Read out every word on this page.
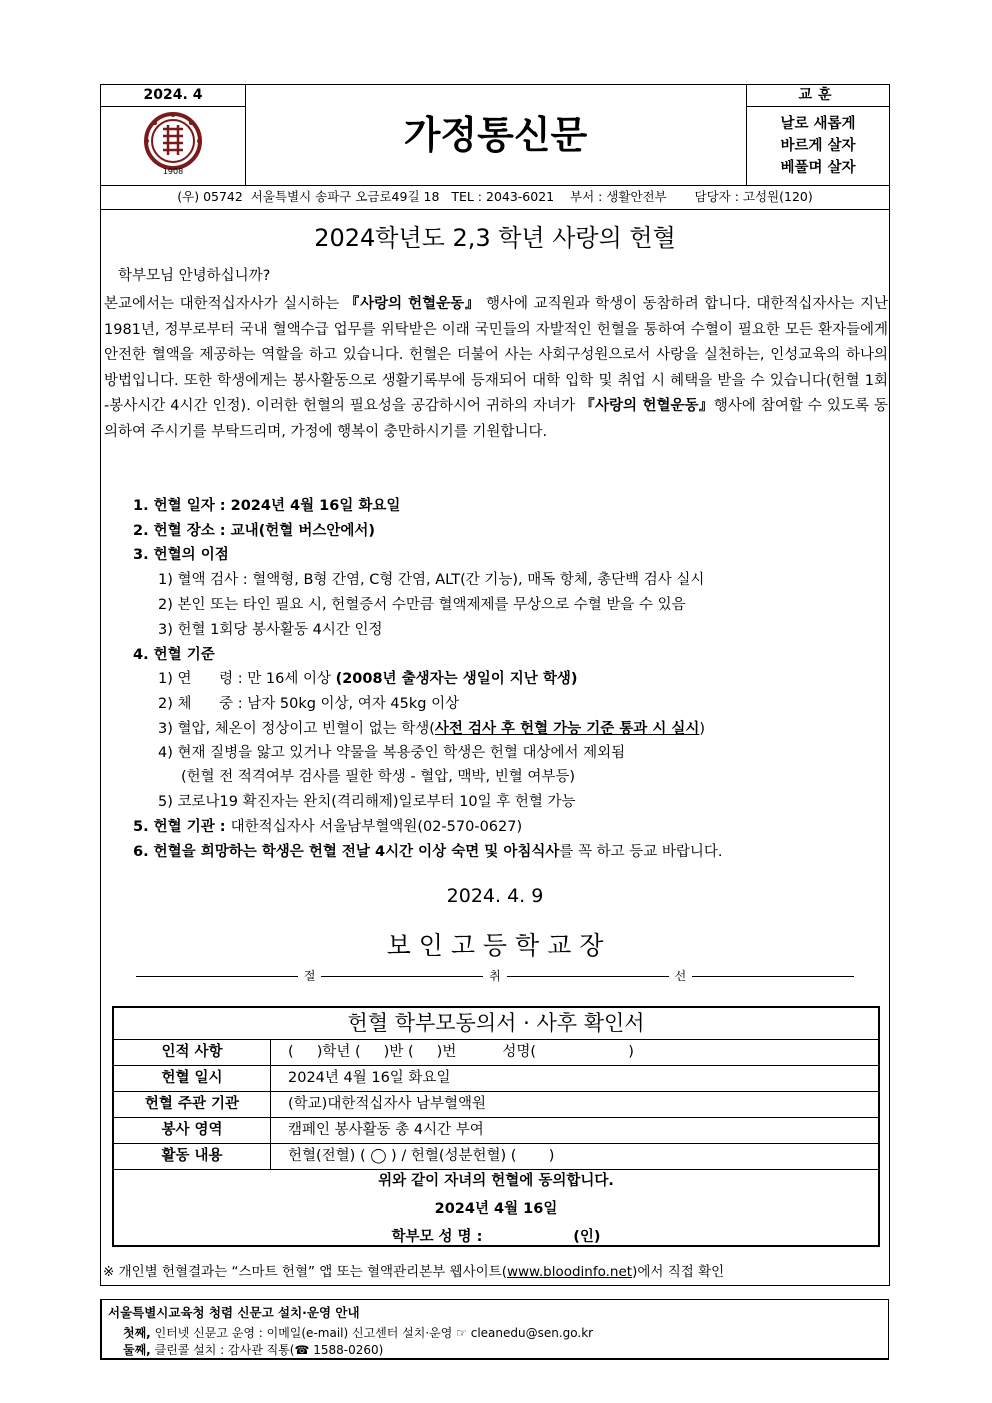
2024. 4
1908
가정통신문
교훈
날로 새롭게
바르게 살자
베풀며 살자
(우) 05742  서울특별시 송파구 오금로49길 18   TEL : 2043-6021    부서 : 생활안전부       담당자 : 고성원(120)
2024학년도 2,3 학년 사랑의 헌혈
학부모님 안녕하십니까?
본교에서는 대한적십자사가 실시하는 『사랑의 헌혈운동』 행사에 교직원과 학생이 동참하려 합니다. 대한적십자사는 지난 1981년, 정부로부터 국내 혈액수급 업무를 위탁받은 이래 국민들의 자발적인 헌혈을 통하여 수혈이 필요한 모든 환자들에게 안전한 혈액을 제공하는 역할을 하고 있습니다. 헌혈은 더불어 사는 사회구성원으로서 사랑을 실천하는, 인성교육의 하나의 방법입니다. 또한 학생에게는 봉사활동으로 생활기록부에 등재되어 대학 입학 및 취업 시 혜택을 받을 수 있습니다(헌혈 1회 -봉사시간 4시간 인정). 이러한 헌혈의 필요성을 공감하시어 귀하의 자녀가 『사랑의 헌혈운동』행사에 참여할 수 있도록 동의하여 주시기를 부탁드리며, 가정에 행복이 충만하시기를 기원합니다.
1. 헌혈 일자 : 2024년 4월 16일 화요일
2. 헌혈 장소 : 교내(헌혈 버스안에서)
3. 헌혈의 이점
1) 혈액 검사 : 혈액형, B형 간염, C형 간염, ALT(간 기능), 매독 항체, 총단백 검사 실시
2) 본인 또는 타인 필요 시, 헌혈증서 수만큼 혈액제제를 무상으로 수혈 받을 수 있음
3) 헌혈 1회당 봉사활동 4시간 인정
4. 헌혈 기준
1) 연      령 : 만 16세 이상 (2008년 출생자는 생일이 지난 학생)
2) 체      중 : 남자 50kg 이상, 여자 45kg 이상
3) 혈압, 체온이 정상이고 빈혈이 없는 학생(사전 검사 후 헌혈 가능 기준 통과 시 실시)
4) 현재 질병을 앓고 있거나 약물을 복용중인 학생은 헌혈 대상에서 제외됨
(헌혈 전 적격여부 검사를 필한 학생 - 혈압, 맥박, 빈혈 여부등)
5) 코로나19 확진자는 완치(격리해제)일로부터 10일 후 헌혈 가능
5. 헌혈 기관 : 대한적십자사 서울남부혈액원(02-570-0627)
6. 헌혈을 희망하는 학생은 헌혈 전날 4시간 이상 숙면 및 아침식사를 꼭 하고 등교 바랍니다.
2024. 4. 9
보 인 고 등 학 교 장
절	취	선
헌혈 학부모동의서 · 사후 확인서
인적 사항	(     )학년 (     )반 (     )번          성명(                    )
헌혈 일시	2024년 4월 16일 화요일
헌혈 주관 기관	(학교)대한적십자사 남부혈액원
봉사 영역	캠페인 봉사활동 총 4시간 부여
활동 내용	헌혈(전혈) ( ◯ ) / 헌혈(성분헌혈) (       )
위와 같이 자녀의 헌혈에 동의합니다.
2024년 4월 16일
학부모 성 명 :                  (인)
※ 개인별 헌혈결과는 “스마트 헌혈” 앱 또는 혈액관리본부 웹사이트(www.bloodinfo.net)에서 직접 확인
서울특별시교육청 청렴 신문고 설치·운영 안내
첫째, 인터넷 신문고 운영 : 이메일(e-mail) 신고센터 설치·운영 ☞ cleanedu@sen.go.kr
둘째, 클린콜 설치 : 감사관 직통(☎ 1588-0260)
